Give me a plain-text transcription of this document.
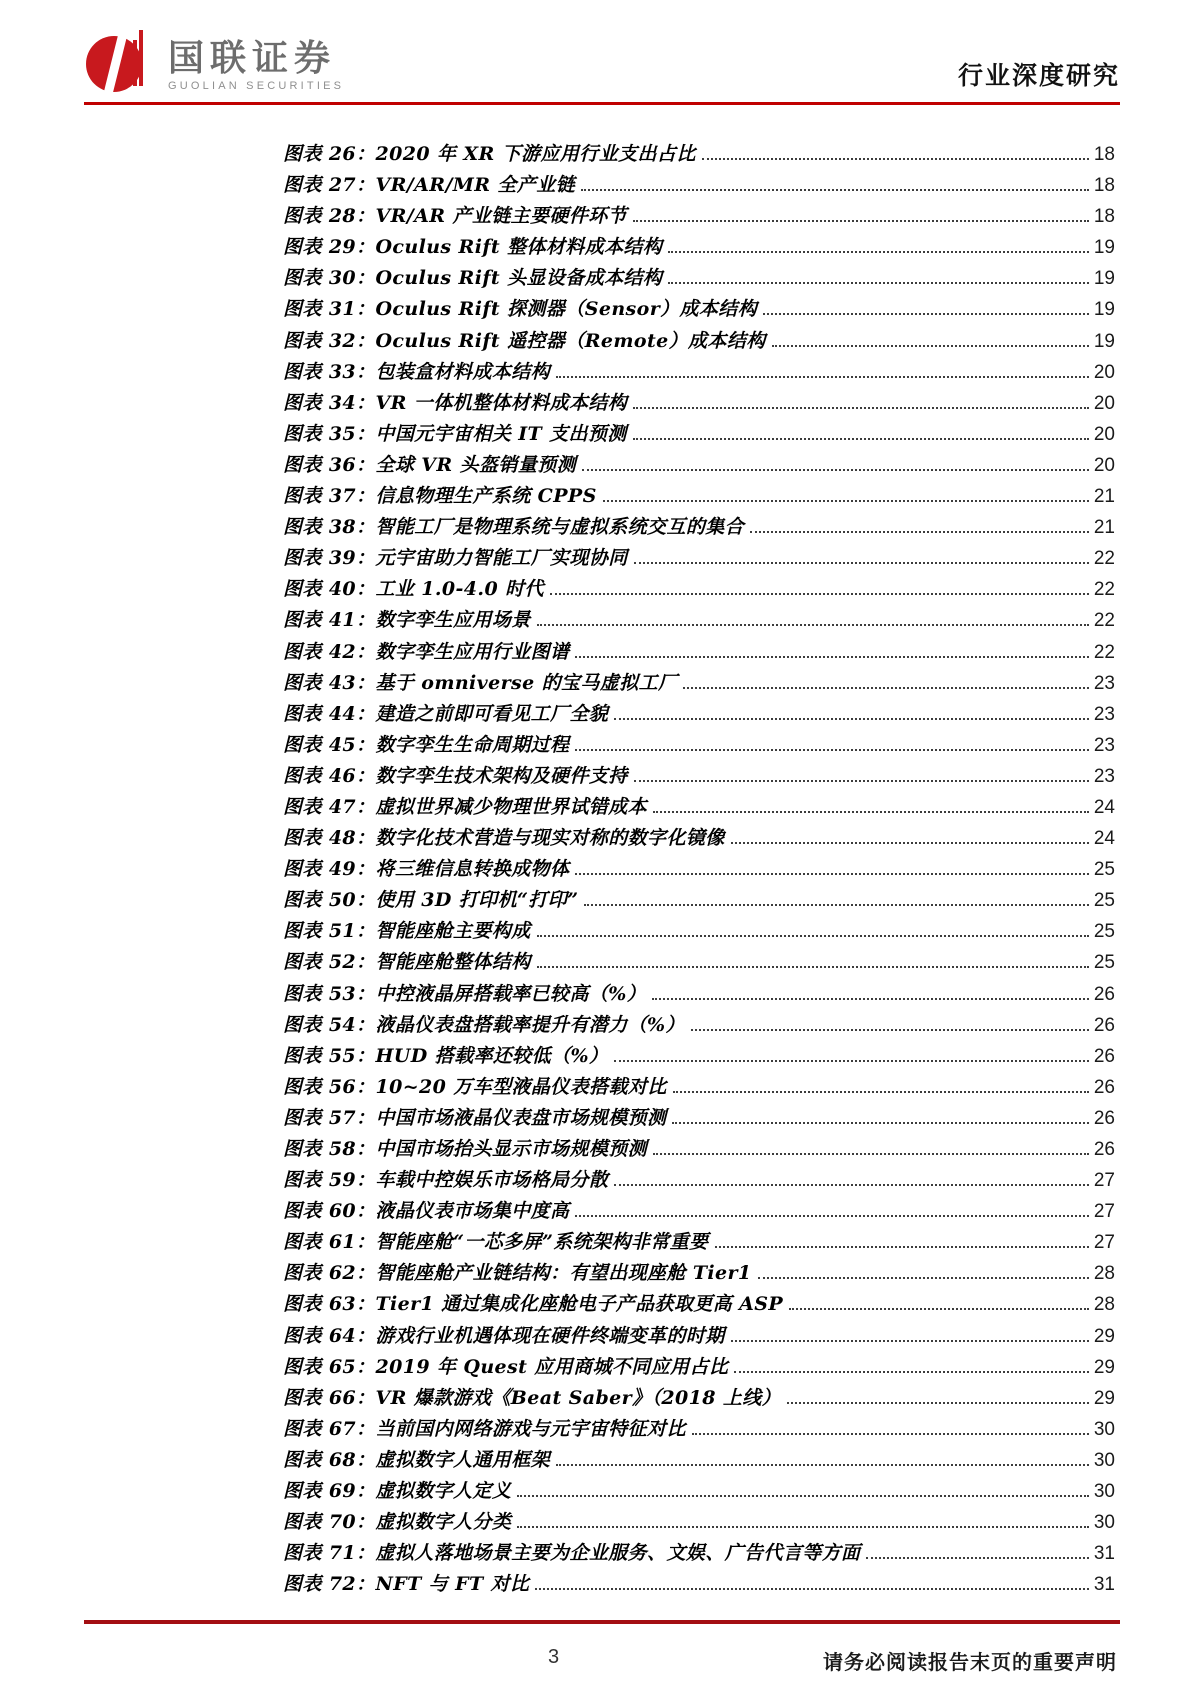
国联证券
GUOLIAN SECURITIES	行业深度研究
图表 26：2020 年 XR 下游应用行业支出占比	18
图表 27：VR/AR/MR 全产业链	18
图表 28：VR/AR 产业链主要硬件环节	18
图表 29：Oculus Rift 整体材料成本结构	19
图表 30：Oculus Rift 头显设备成本结构	19
图表 31：Oculus Rift 探测器（Sensor）成本结构	19
图表 32：Oculus Rift 遥控器（Remote）成本结构	19
图表 33：包装盒材料成本结构	20
图表 34：VR 一体机整体材料成本结构	20
图表 35：中国元宇宙相关 IT 支出预测	20
图表 36：全球 VR 头盔销量预测	20
图表 37：信息物理生产系统 CPPS	21
图表 38：智能工厂是物理系统与虚拟系统交互的集合	21
图表 39：元宇宙助力智能工厂实现协同	22
图表 40：工业 1.0-4.0 时代	22
图表 41：数字孪生应用场景	22
图表 42：数字孪生应用行业图谱	22
图表 43：基于 omniverse 的宝马虚拟工厂	23
图表 44：建造之前即可看见工厂全貌	23
图表 45：数字孪生生命周期过程	23
图表 46：数字孪生技术架构及硬件支持	23
图表 47：虚拟世界减少物理世界试错成本	24
图表 48：数字化技术营造与现实对称的数字化镜像	24
图表 49：将三维信息转换成物体	25
图表 50：使用 3D 打印机“打印”	25
图表 51：智能座舱主要构成	25
图表 52：智能座舱整体结构	25
图表 53：中控液晶屏搭载率已较高（%）	26
图表 54：液晶仪表盘搭载率提升有潜力（%）	26
图表 55：HUD 搭载率还较低（%）	26
图表 56：10~20 万车型液晶仪表搭载对比	26
图表 57：中国市场液晶仪表盘市场规模预测	26
图表 58：中国市场抬头显示市场规模预测	26
图表 59：车载中控娱乐市场格局分散	27
图表 60：液晶仪表市场集中度高	27
图表 61：智能座舱“一芯多屏”系统架构非常重要	27
图表 62：智能座舱产业链结构：有望出现座舱 Tier1	28
图表 63：Tier1 通过集成化座舱电子产品获取更高 ASP	28
图表 64：游戏行业机遇体现在硬件终端变革的时期	29
图表 65：2019 年 Quest 应用商城不同应用占比	29
图表 66：VR 爆款游戏《Beat Saber》（2018 上线）	29
图表 67：当前国内网络游戏与元宇宙特征对比	30
图表 68：虚拟数字人通用框架	30
图表 69：虚拟数字人定义	30
图表 70：虚拟数字人分类	30
图表 71：虚拟人落地场景主要为企业服务、文娱、广告代言等方面	31
图表 72：NFT 与 FT 对比	31
3	请务必阅读报告末页的重要声明
